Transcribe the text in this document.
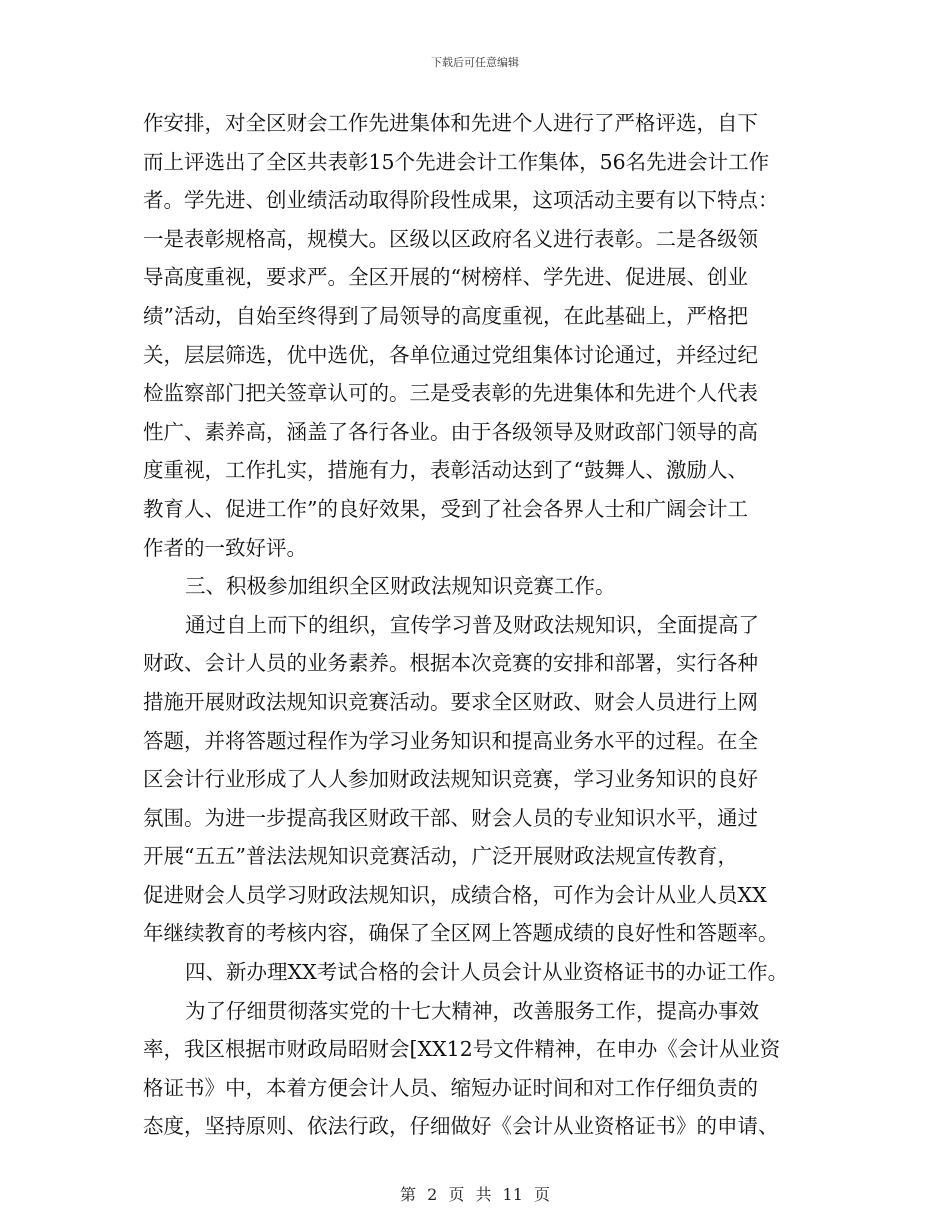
下载后可任意编辑
作安排，对全区财会工作先进集体和先进个人进行了严格评选，自下
而上评选出了全区共表彰15个先进会计工作集体，56名先进会计工作
者。学先进、创业绩活动取得阶段性成果，这项活动主要有以下特点：
一是表彰规格高，规模大。区级以区政府名义进行表彰。二是各级领
导高度重视，要求严。全区开展的“树榜样、学先进、促进展、创业
绩”活动，自始至终得到了局领导的高度重视，在此基础上，严格把
关，层层筛选，优中选优，各单位通过党组集体讨论通过，并经过纪
检监察部门把关签章认可的。三是受表彰的先进集体和先进个人代表
性广、素养高，涵盖了各行各业。由于各级领导及财政部门领导的高
度重视，工作扎实，措施有力，表彰活动达到了“鼓舞人、激励人、
教育人、促进工作”的良好效果，受到了社会各界人士和广阔会计工
作者的一致好评。
三、积极参加组织全区财政法规知识竞赛工作。
通过自上而下的组织，宣传学习普及财政法规知识，全面提高了
财政、会计人员的业务素养。根据本次竞赛的安排和部署，实行各种
措施开展财政法规知识竞赛活动。要求全区财政、财会人员进行上网
答题，并将答题过程作为学习业务知识和提高业务水平的过程。在全
区会计行业形成了人人参加财政法规知识竞赛，学习业务知识的良好
氛围。为进一步提高我区财政干部、财会人员的专业知识水平，通过
开展“五五”普法法规知识竞赛活动，广泛开展财政法规宣传教育，
促进财会人员学习财政法规知识，成绩合格，可作为会计从业人员XX
年继续教育的考核内容，确保了全区网上答题成绩的良好性和答题率。
四、新办理XX考试合格的会计人员会计从业资格证书的办证工作。
为了仔细贯彻落实党的十七大精神，改善服务工作，提高办事效
率，我区根据市财政局昭财会[XX12号文件精神，在申办《会计从业资
格证书》中，本着方便会计人员、缩短办证时间和对工作仔细负责的
态度，坚持原则、依法行政，仔细做好《会计从业资格证书》的申请、
第 2 页 共 11 页
